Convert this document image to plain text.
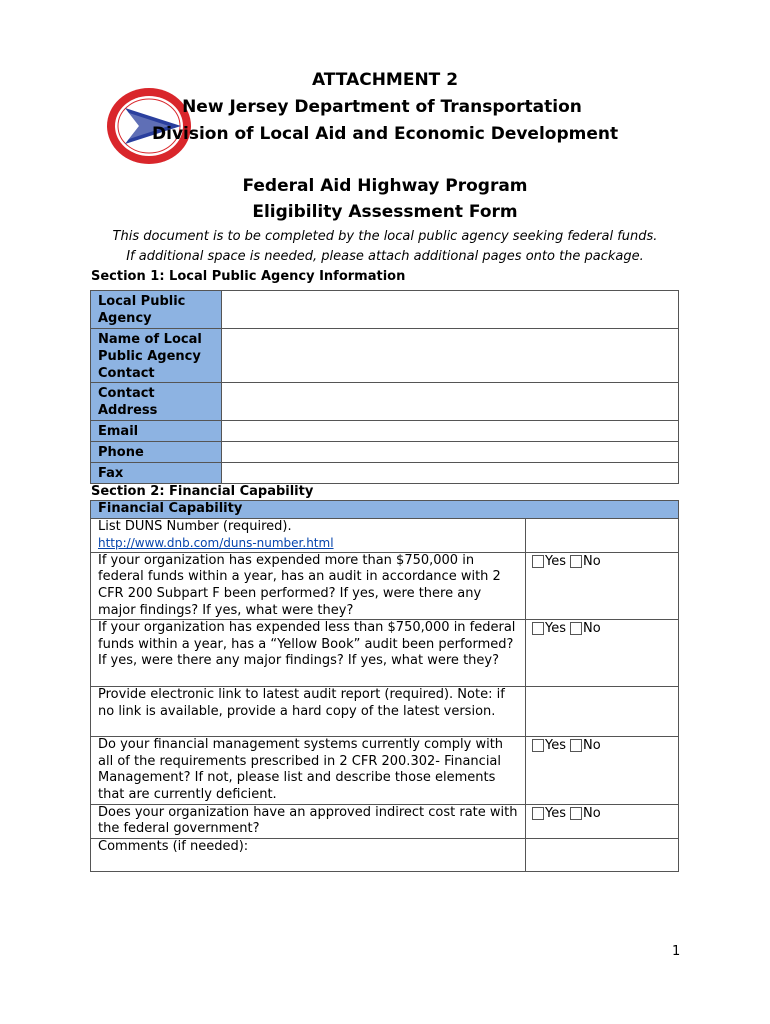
ATTACHMENT 2
New Jersey Department of Transportation
Division of Local Aid and Economic Development
Federal Aid Highway Program
Eligibility Assessment Form
This document is to be completed by the local public agency seeking federal funds.
If additional space is needed, please attach additional pages onto the package.
Section 1: Local Public Agency Information
Local Public Agency	
Name of Local Public Agency Contact	
Contact Address	
Email	
Phone	
Fax	
Section 2: Financial Capability
Financial Capability	

List DUNS Number (required).
http://www.dnb.com/duns-number.html	

If your organization has expended more than $750,000 in federal funds within a year, has an audit in accordance with 2 CFR 200 Subpart F been performed? If yes, were there any major findings? If yes, what were they?	Yes No

If your organization has expended less than $750,000 in federal funds within a year, has a “Yellow Book” audit been performed? If yes, were there any major findings? If yes, what were they?	Yes No

Provide electronic link to latest audit report (required). Note: if no link is available, provide a hard copy of the latest version.	
Do your financial management systems currently comply with all of the requirements prescribed in 2 CFR 200.302- Financial Management? If not, please list and describe those elements that are currently deficient.	Yes No

Does your organization have an approved indirect cost rate with the federal government?	Yes No

Comments (if needed):	
1
